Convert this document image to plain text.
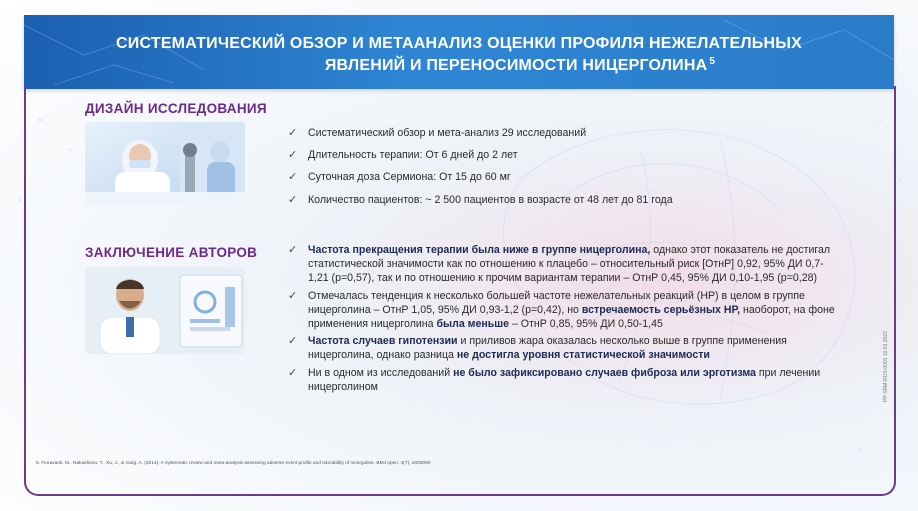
СИСТЕМАТИЧЕСКИЙ ОБЗОР И МЕТААНАЛИЗ ОЦЕНКИ ПРОФИЛЯ НЕЖЕЛАТЕЛЬНЫХ
ЯВЛЕНИЙ И ПЕРЕНОСИМОСТИ НИЦЕРГОЛИНА $^5$
ДИЗАЙН ИССЛЕДОВАНИЯ
✓ Систематический обзор и мета-анализ 29 исследований
✓ Длительность терапии: От 6 дней до 2 лет
✓ Суточная доза Сермиона: От 15 до 60 мг
✓ Количество пациентов: ~ 2 500 пациентов в возрасте от 48 лет до 81 года
ЗАКЛЮЧЕНИЕ АВТОРОВ	✓ Частота прекращения терапии была ниже в группе ницерголина, однако этот показатель не достигал статистической значимости как по отношению к плацебо – относительный риск [ОтнР] 0,92, 95% ДИ 0,7-1,21 (р=0,57), так и по отношению к прочим вариантам терапии – ОтнР 0,45, 95% ДИ 0,10-1,95 (р=0,28)
✓ Отмечалась тенденция к несколько большей частоте нежелательных реакций (НР) в целом в группе ницерголина – ОтнР 1,05, 95% ДИ 0,93-1,2 (р=0,42), но встречаемость серьёзных НР, наоборот, на фоне применения ницерголина была меньше – ОтнР 0,85, 95% ДИ 0,50-1,45
✓ Частота случаев гипотензии и приливов жара оказалась несколько выше в группе применения ницерголина, однако разница не достигла уровня статистической значимости
✓ Ни в одном из исследований не было зафиксировано случаев фиброза или эрготизма при лечении ницерголином
5. Fioravanti, M., Nakashima, T., Xu, J., & Garg, A. (2014). A systematic review and meta-analysis assessing adverse event profile and tolerability of nicergoline. BMJ open, 4(7), e005090
PP-SRM-RUS-0001 10.01.2022
